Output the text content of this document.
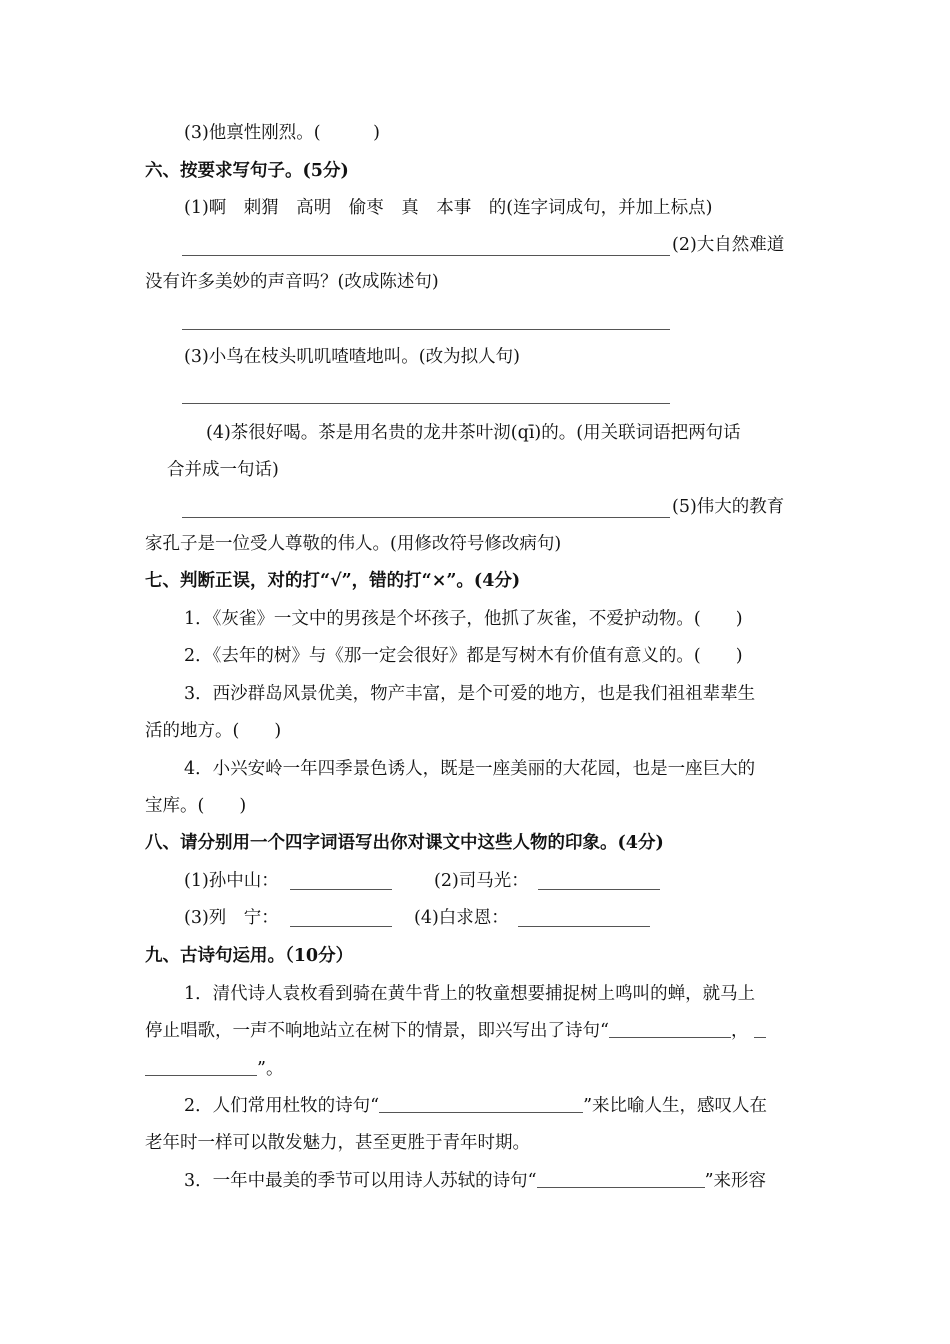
(3)他禀性刚烈。(　　　)
六、按要求写句子。(5分)
(1)啊　刺猬　高明　偷枣　真　本事　的(连字词成句，并加上标点)
(2)大自然难道
没有许多美妙的声音吗？(改成陈述句)
(3)小鸟在枝头叽叽喳喳地叫。(改为拟人句)
(4)茶很好喝。茶是用名贵的龙井茶叶沏(qī)的。(用关联词语把两句话
合并成一句话)
(5)伟大的教育
家孔子是一位受人尊敬的伟人。(用修改符号修改病句)
七、判断正误，对的打“√”，错的打“×”。(4分)
1．《灰雀》一文中的男孩是个坏孩子，他抓了灰雀，不爱护动物。(　　)
2．《去年的树》与《那一定会很好》都是写树木有价值有意义的。(　　)
3．西沙群岛风景优美，物产丰富，是个可爱的地方，也是我们祖祖辈辈生
活的地方。(　　)
4．小兴安岭一年四季景色诱人，既是一座美丽的大花园，也是一座巨大的
宝库。(　　)
八、请分别用一个四字词语写出你对课文中这些人物的印象。(4分)
(1)孙中山：	(2)司马光：
(3)列　宁：	(4)白求恩：
九、古诗句运用。（10分）
1．清代诗人袁枚看到骑在黄牛背上的牧童想要捕捉树上鸣叫的蝉，就马上
停止唱歌，一声不响地站立在树下的情景，即兴写出了诗句“	，
”。
2．人们常用杜牧的诗句“	”来比喻人生，感叹人在
老年时一样可以散发魅力，甚至更胜于青年时期。
3．一年中最美的季节可以用诗人苏轼的诗句“	”来形容
